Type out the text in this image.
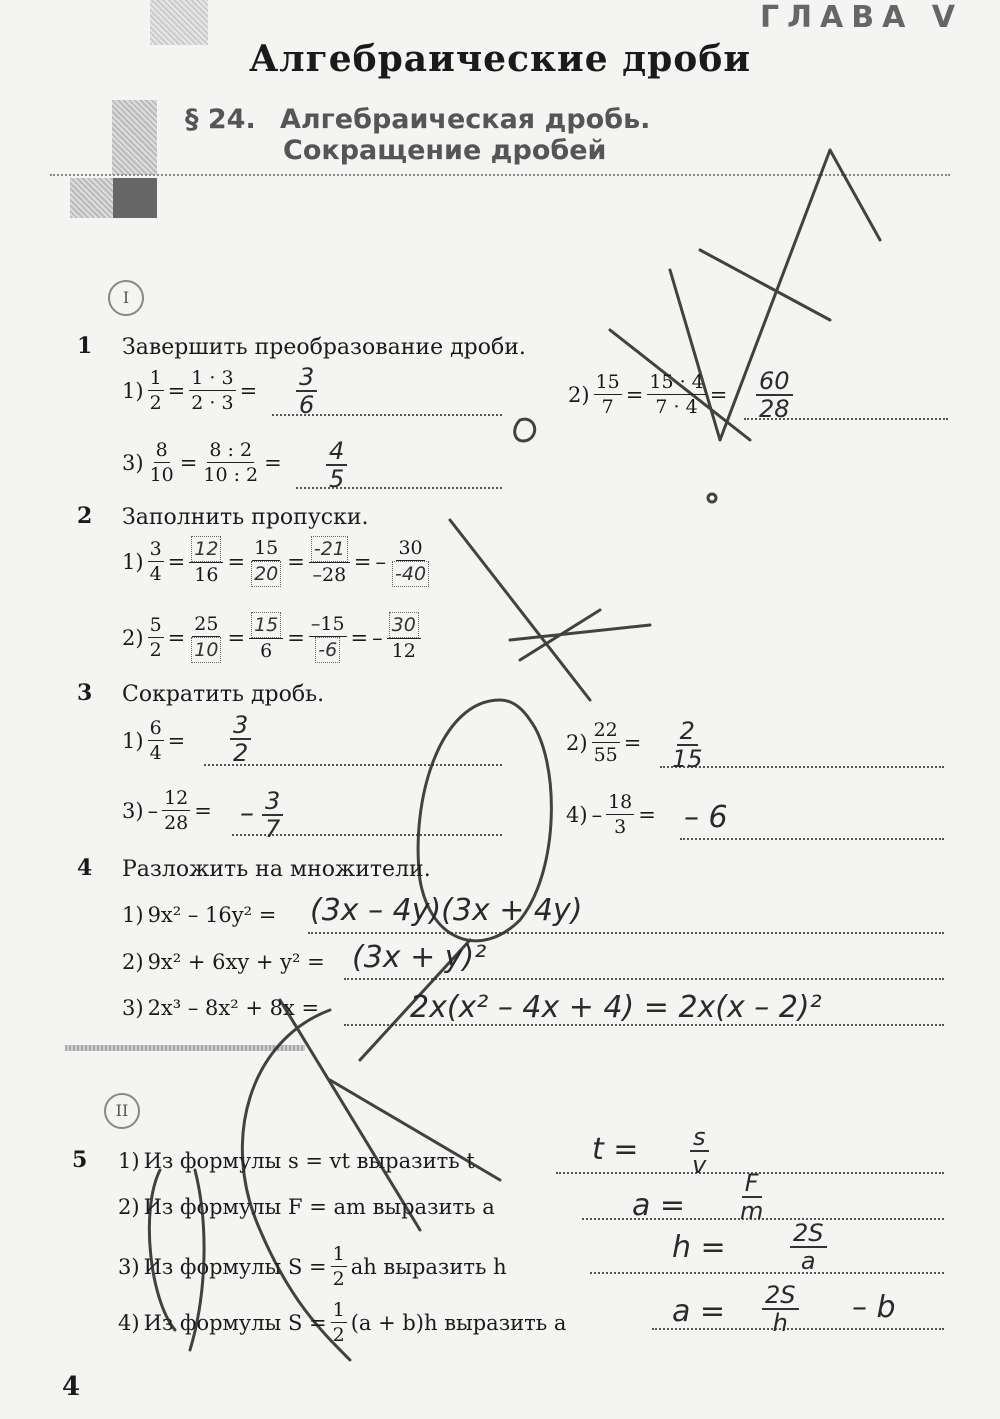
ГЛАВА V
Алгебраические дроби
§ 24. Алгебраическая дробь.
Сокращение дробей
I
1 Завершить преобразование дроби.
$1) \frac{1}{2} = \frac{1 \cdot 3}{2 \cdot 3} = \frac{3}{6}$	$2) \frac{15}{7} = \frac{15 \cdot 4}{7 \cdot 4} = \frac{60}{28}$
$3) \frac{8}{10} = \frac{8 : 2}{10 : 2} = \frac{4}{5}$
2 Заполнить пропуски.
$1) \frac{3}{4} = \frac{12}{16} = \frac{15}{20} = \frac{-21}{-28}$ = – $\frac{30}{-40}$
$2) \frac{5}{2} = \frac{25}{10} = \frac{15}{6} = \frac{-15}{-6}$ = – $\frac{30}{12}$
3 Сократить дробь.
$1) \frac{6}{4} = \frac{3}{2}$	$2) \frac{22}{55} = \frac{2}{15}$
$3) - \frac{12}{28}$ = – $\frac{3}{7}$	$4) - \frac{18}{3}$ = – 6
4 Разложить на множители.
1) 9x² – 16y² = (3x – 4y)(3x + 4y)
2) 9x² + 6xy + y² = (3x + y)²
3) 2x³ – 8x² + 8x =	2x(x² – 4x + 4) = 2x(x – 2)²
II
5 1) Из формулы s = vt выразить t	$t = \frac{s}{v}$
2) Из формулы F = am выразить a	$a = \frac{F}{m}$
3) Из формулы $S = \frac{1}{2}$ ah выразить h
h =	$\frac{2S}{a}$
4) Из формулы $S = \frac{1}{2} (a + b)h$ выразить a	$a = \frac{2S}{h} - b$
4
